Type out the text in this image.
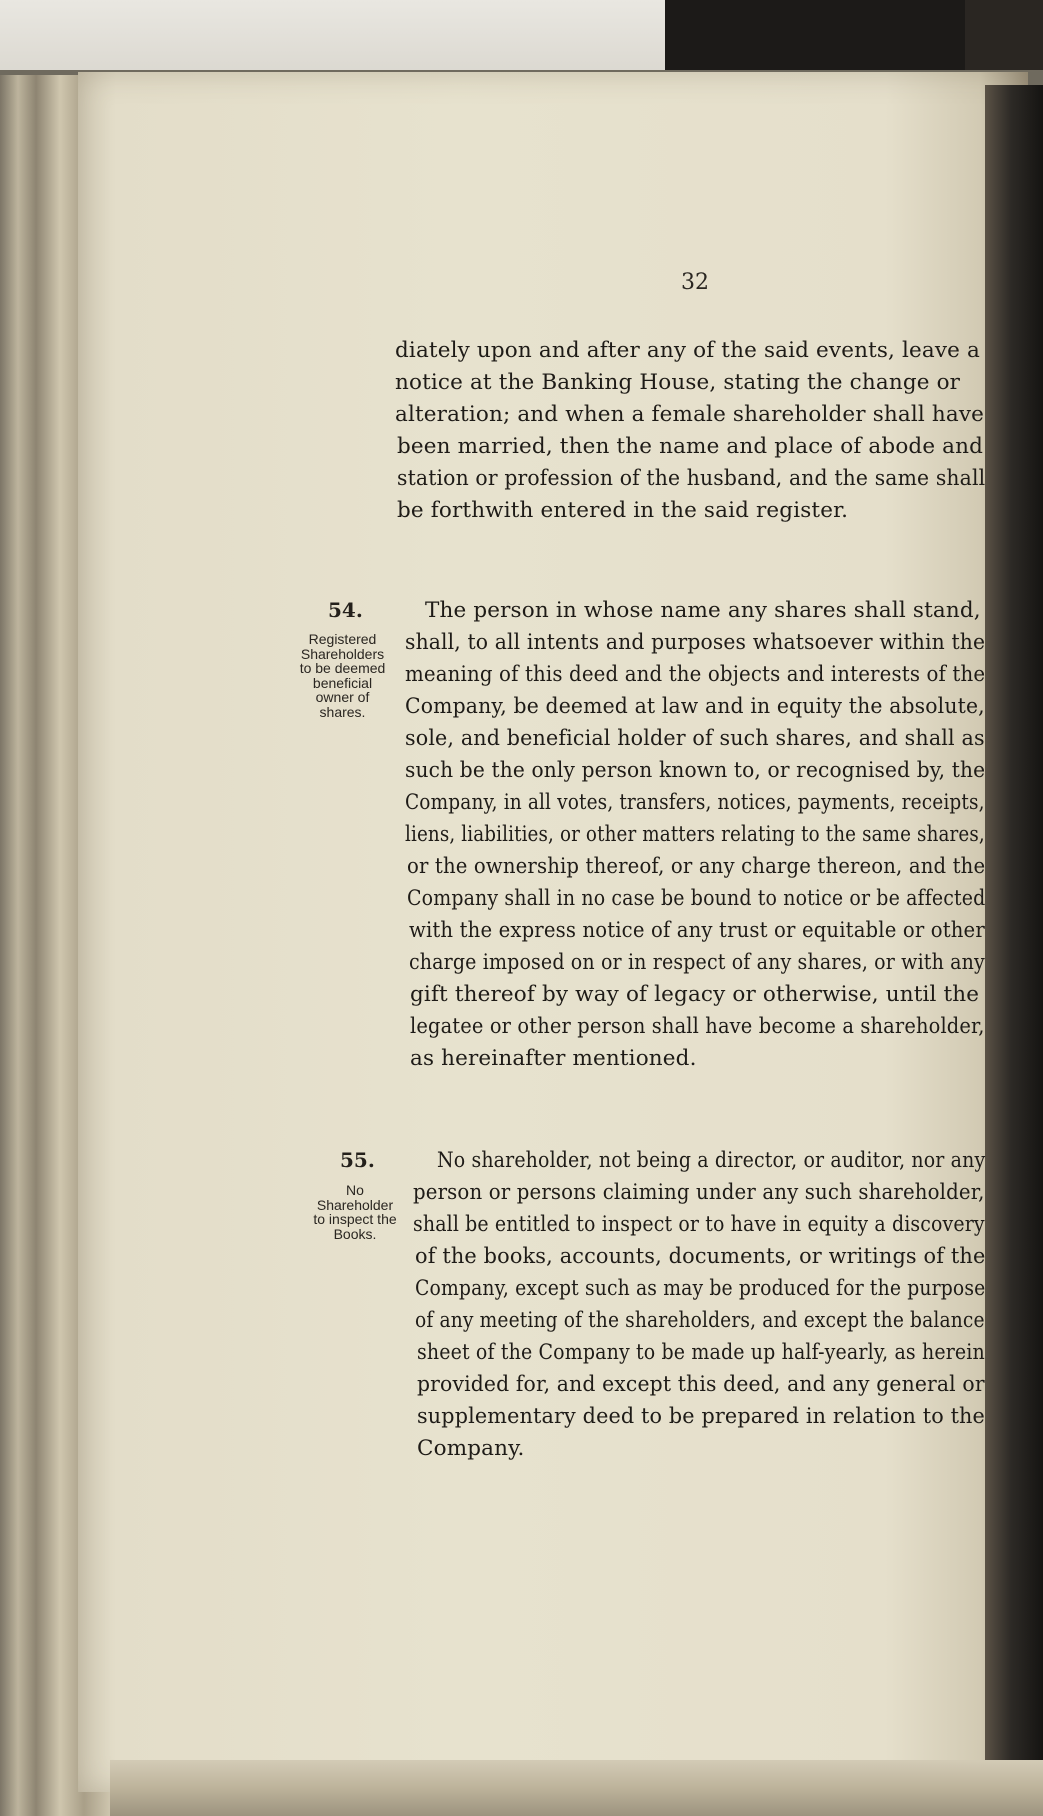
32
diately upon and after any of the said events, leave a
notice at the Banking House, stating the change or
alteration; and when a female shareholder shall have
been married, then the name and place of abode and
station or profession of the husband, and the same shall
be forthwith entered in the said register.
54.
Registered
Shareholders
to be deemed
beneficial
owner of
shares.
The person in whose name any shares shall stand,
shall, to all intents and purposes whatsoever within the
meaning of this deed and the objects and interests of the
Company, be deemed at law and in equity the absolute,
sole, and beneficial holder of such shares, and shall as
such be the only person known to, or recognised by, the
Company, in all votes, transfers, notices, payments, receipts,
liens, liabilities, or other matters relating to the same shares,
or the ownership thereof, or any charge thereon, and the
Company shall in no case be bound to notice or be affected
with the express notice of any trust or equitable or other
charge imposed on or in respect of any shares, or with any
gift thereof by way of legacy or otherwise, until the
legatee or other person shall have become a shareholder,
as hereinafter mentioned.
55.
No
Shareholder
to inspect the
Books.
No shareholder, not being a director, or auditor, nor any
person or persons claiming under any such shareholder,
shall be entitled to inspect or to have in equity a discovery
of the books, accounts, documents, or writings of the
Company, except such as may be produced for the purpose
of any meeting of the shareholders, and except the balance
sheet of the Company to be made up half-yearly, as herein
provided for, and except this deed, and any general or
supplementary deed to be prepared in relation to the
Company.
